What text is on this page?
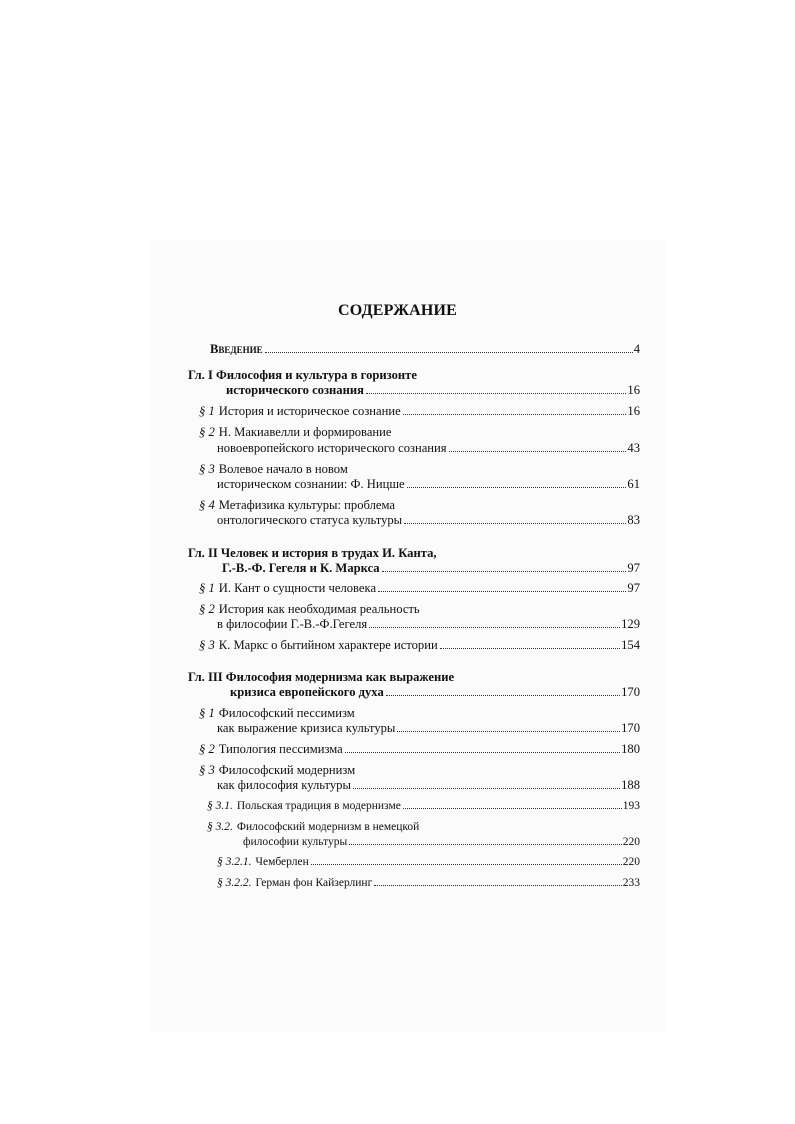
СОДЕРЖАНИЕ
Введение	4
Гл. I Философия и культура в горизонте
исторического сознания	16
§ 1 История и историческое сознание	16
§ 2 Н. Макиавелли и формирование
новоевропейского исторического сознания	43
§ 3 Волевое начало в новом
историческом сознании: Ф. Ницше	61
§ 4 Метафизика культуры: проблема
онтологического статуса культуры	83
Гл. II Человек и история в трудах И. Канта,
Г.-В.-Ф. Гегеля и К. Маркса	97
§ 1 И. Кант о сущности человека	97
§ 2 История как необходимая реальность
в философии Г.-В.-Ф.Гегеля	129
§ 3 К. Маркс о бытийном характере истории	154
Гл. III Философия модернизма как выражение
кризиса европейского духа	170
§ 1 Философский пессимизм
как выражение кризиса культуры	170
§ 2 Типология пессимизма	180
§ 3 Философский модернизм
как философия культуры	188
§ 3.1. Польская традиция в модернизме	193
§ 3.2. Философский модернизм в немецкой
философии культуры	220
§ 3.2.1. Чемберлен	220
§ 3.2.2. Герман фон Кайзерлинг	233
